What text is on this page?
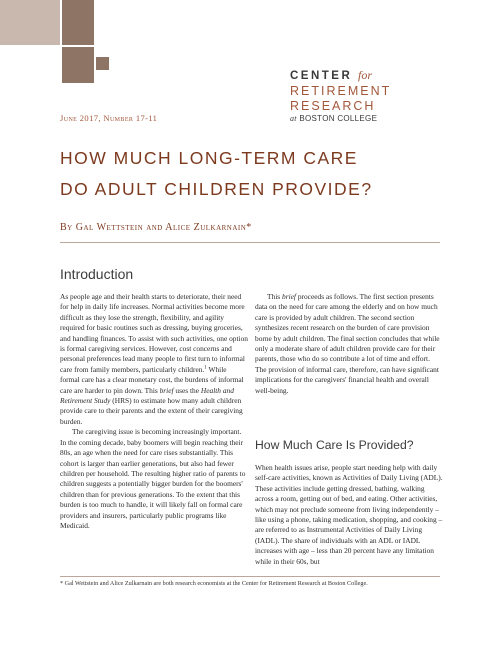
CENTER for
RETIREMENT
RESEARCH
at BOSTON COLLEGE
June 2017, Number 17-11
HOW MUCH LONG-TERM CARE
DO ADULT CHILDREN PROVIDE?
By Gal Wettstein and Alice Zulkarnain*
Introduction

As people age and their health starts to deteriorate, their need for help in daily life increases. Normal activities become more difficult as they lose the strength, flexibility, and agility required for basic routines such as dressing, buying groceries, and handling finances. To assist with such activities, one option is formal caregiving services. However, cost concerns and personal preferences lead many people to first turn to informal care from family members, particularly children.$^1$ While formal care has a clear monetary cost, the burdens of informal care are harder to pin down. This brief uses the Health and Retirement Study (HRS) to estimate how many adult children provide care to their parents and the extent of their caregiving burden.

The caregiving issue is becoming increasingly important. In the coming decade, baby boomers will begin reaching their 80s, an age when the need for care rises substantially. This cohort is larger than earlier generations, but also had fewer children per household. The resulting higher ratio of parents to children suggests a potentially bigger burden for the boomers' children than for previous generations. To the extent that this burden is too much to handle, it will likely fall on formal care providers and insurers, particularly public programs like Medicaid.

This brief proceeds as follows. The first section presents data on the need for care among the elderly and on how much care is provided by adult children. The second section synthesizes recent research on the burden of care provision borne by adult children. The final section concludes that while only a moderate share of adult children provide care for their parents, those who do so contribute a lot of time and effort. The provision of informal care, therefore, can have significant implications for the caregivers' financial health and overall well-being.

How Much Care Is Provided?

When health issues arise, people start needing help with daily self-care activities, known as Activities of Daily Living (ADL). These activities include getting dressed, bathing, walking across a room, getting out of bed, and eating. Other activities, which may not preclude someone from living independently – like using a phone, taking medication, shopping, and cooking – are referred to as Instrumental Activities of Daily Living (IADL). The share of individuals with an ADL or IADL increases with age – less than 20 percent have any limitation while in their 60s, but

* Gal Wettstein and Alice Zulkarnain are both research economists at the Center for Retirement Research at Boston College.
